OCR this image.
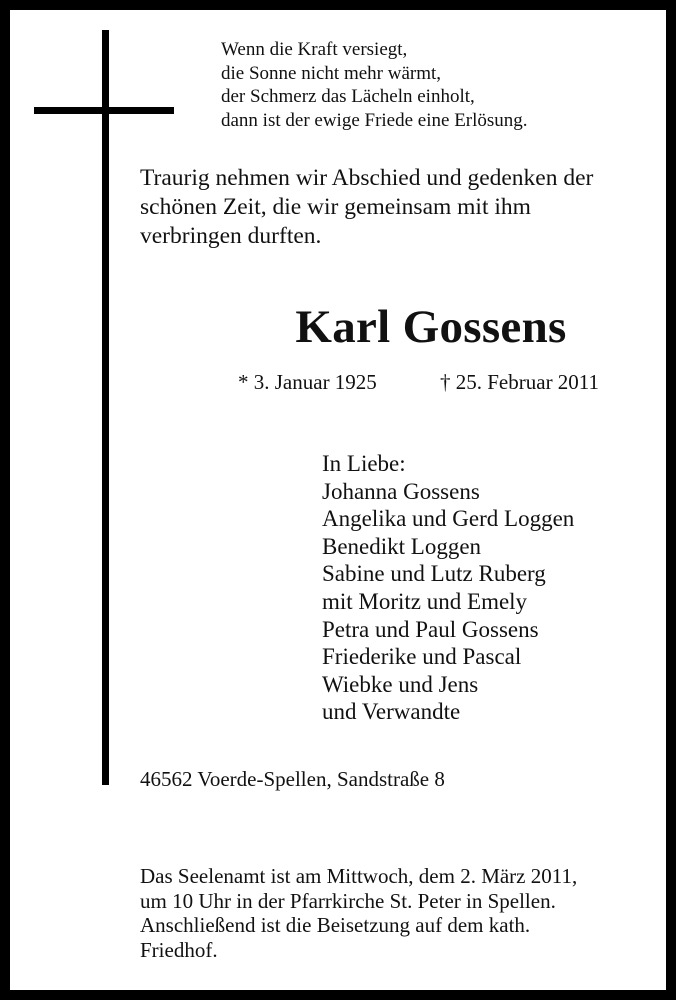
Wenn die Kraft versiegt,
die Sonne nicht mehr wärmt,
der Schmerz das Lächeln einholt,
dann ist der ewige Friede eine Erlösung.
Traurig nehmen wir Abschied und gedenken der
schönen Zeit, die wir gemeinsam mit ihm
verbringen durften.
Karl Gossens
* 3. Januar 1925	† 25. Februar 2011
In Liebe:
Johanna Gossens
Angelika und Gerd Loggen
Benedikt Loggen
Sabine und Lutz Ruberg
mit Moritz und Emely
Petra und Paul Gossens
Friederike und Pascal
Wiebke und Jens
und Verwandte
46562 Voerde-Spellen, Sandstraße 8
Das Seelenamt ist am Mittwoch, dem 2. März 2011,
um 10 Uhr in der Pfarrkirche St. Peter in Spellen.
Anschließend ist die Beisetzung auf dem kath.
Friedhof.
